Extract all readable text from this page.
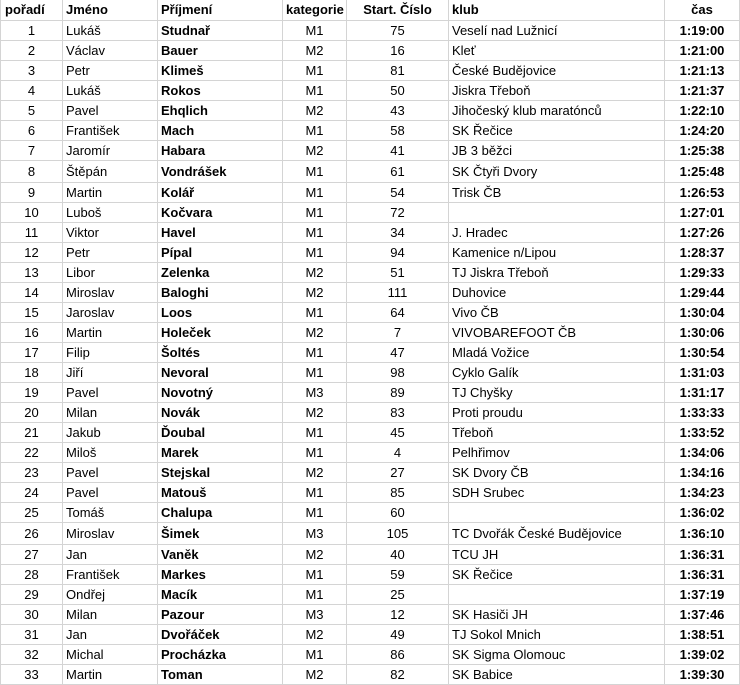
pořadí	Jméno	Příjmení	kategorie	Start. Číslo	klub	čas
1	Lukáš	Studnař	M1	75	Veselí nad Lužnicí	1:19:00
2	Václav	Bauer	M2	16	Kleť	1:21:00
3	Petr	Klimeš	M1	81	České Budějovice	1:21:13
4	Lukáš	Rokos	M1	50	Jiskra Třeboň	1:21:37
5	Pavel	Ehqlich	M2	43	Jihočeský klub maratónců	1:22:10
6	František	Mach	M1	58	SK Řečice	1:24:20
7	Jaromír	Habara	M2	41	JB 3 běžci	1:25:38
8	Štěpán	Vondrášek	M1	61	SK Čtyři Dvory	1:25:48
9	Martin	Kolář	M1	54	Trisk ČB	1:26:53
10	Luboš	Kočvara	M1	72		1:27:01
11	Viktor	Havel	M1	34	J. Hradec	1:27:26
12	Petr	Pípal	M1	94	Kamenice n/Lipou	1:28:37
13	Libor	Zelenka	M2	51	TJ Jiskra Třeboň	1:29:33
14	Miroslav	Baloghi	M2	111	Duhovice	1:29:44
15	Jaroslav	Loos	M1	64	Vivo ČB	1:30:04
16	Martin	Holeček	M2	7	VIVOBAREFOOT ČB	1:30:06
17	Filip	Šoltés	M1	47	Mladá Vožice	1:30:54
18	Jiří	Nevoral	M1	98	Cyklo Galík	1:31:03
19	Pavel	Novotný	M3	89	TJ Chyšky	1:31:17
20	Milan	Novák	M2	83	Proti proudu	1:33:33
21	Jakub	Ďoubal	M1	45	Třeboň	1:33:52
22	Miloš	Marek	M1	4	Pelhřimov	1:34:06
23	Pavel	Stejskal	M2	27	SK Dvory ČB	1:34:16
24	Pavel	Matouš	M1	85	SDH Srubec	1:34:23
25	Tomáš	Chalupa	M1	60		1:36:02
26	Miroslav	Šimek	M3	105	TC Dvořák České Budějovice	1:36:10
27	Jan	Vaněk	M2	40	TCU JH	1:36:31
28	František	Markes	M1	59	SK Řečice	1:36:31
29	Ondřej	Macík	M1	25		1:37:19
30	Milan	Pazour	M3	12	SK Hasiči JH	1:37:46
31	Jan	Dvořáček	M2	49	TJ Sokol Mnich	1:38:51
32	Michal	Procházka	M1	86	SK Sigma Olomouc	1:39:02
33	Martin	Toman	M2	82	SK Babice	1:39:30
